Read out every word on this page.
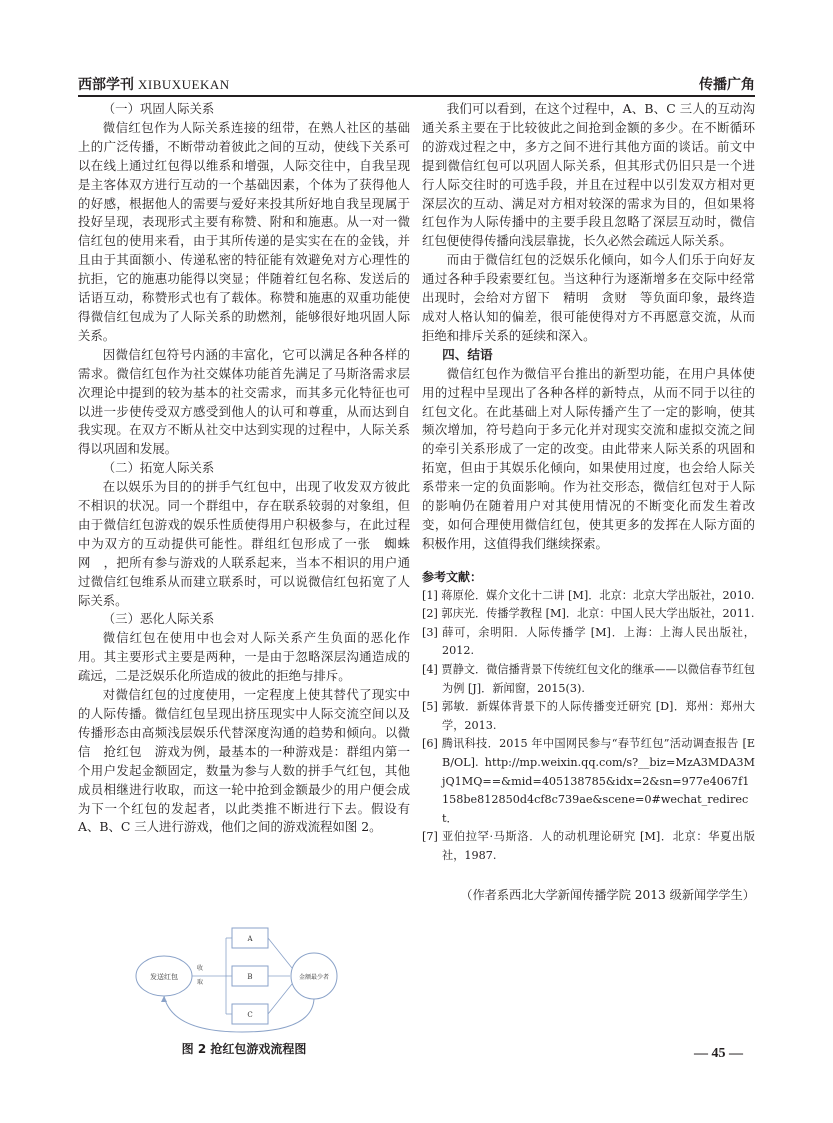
西部学刊 XIBUXUEKAN	传播广角
（一）巩固人际关系

微信红包作为人际关系连接的纽带，在熟人社区的基础上的广泛传播，不断带动着彼此之间的互动，使线下关系可以在线上通过红包得以维系和增强，人际交往中，自我呈现是主客体双方进行互动的一个基础因素，个体为了获得他人的好感，根据他人的需要与爱好来投其所好地自我呈现属于投好呈现，表现形式主要有称赞、附和和施惠。从一对一微信红包的使用来看，由于其所传递的是实实在在的金钱，并且由于其面额小、传递私密的特征能有效避免对方心理性的抗拒，它的施惠功能得以突显；伴随着红包名称、发送后的话语互动，称赞形式也有了载体。称赞和施惠的双重功能使得微信红包成为了人际关系的助燃剂，能够很好地巩固人际关系。

因微信红包符号内涵的丰富化，它可以满足各种各样的需求。微信红包作为社交媒体功能首先满足了马斯洛需求层次理论中提到的较为基本的社交需求，而其多元化特征也可以进一步使传受双方感受到他人的认可和尊重，从而达到自我实现。在双方不断从社交中达到实现的过程中，人际关系得以巩固和发展。

（二）拓宽人际关系

在以娱乐为目的的拼手气红包中，出现了收发双方彼此不相识的状况。同一个群组中，存在联系较弱的对象组，但由于微信红包游戏的娱乐性质使得用户积极参与，在此过程中为双方的互动提供可能性。群组红包形成了一张　蜘蛛网　，把所有参与游戏的人联系起来，当本不相识的用户通过微信红包维系从而建立联系时，可以说微信红包拓宽了人际关系。

（三）恶化人际关系

微信红包在使用中也会对人际关系产生负面的恶化作用。其主要形式主要是两种，一是由于忽略深层沟通造成的疏远，二是泛娱乐化所造成的彼此的拒绝与排斥。

对微信红包的过度使用，一定程度上使其替代了现实中的人际传播。微信红包呈现出挤压现实中人际交流空间以及传播形态由高频浅层娱乐代替深度沟通的趋势和倾向。以微信　抢红包　游戏为例，最基本的一种游戏是：群组内第一个用户发起金额固定，数量为参与人数的拼手气红包，其他成员相继进行收取，而这一轮中抢到金额最少的用户便会成为下一个红包的发起者，以此类推不断进行下去。假设有 A、B、C 三人进行游戏，他们之间的游戏流程如图 2。

发送红包
收
取
A
B
C
金额最少者
图 2 抢红包游戏流程图

我们可以看到，在这个过程中，A、B、C 三人的互动沟通关系主要在于比较彼此之间抢到金额的多少。在不断循环的游戏过程之中，多方之间不进行其他方面的谈话。前文中提到微信红包可以巩固人际关系，但其形式仍旧只是一个进行人际交往时的可选手段，并且在过程中以引发双方相对更深层次的互动、满足对方相对较深的需求为目的，但如果将红包作为人际传播中的主要手段且忽略了深层互动时，微信红包便使得传播向浅层靠拢，长久必然会疏远人际关系。

而由于微信红包的泛娱乐化倾向，如今人们乐于向好友通过各种手段索要红包。当这种行为逐渐增多在交际中经常出现时，会给对方留下　精明　贪财　等负面印象，最终造成对人格认知的偏差，很可能使得对方不再愿意交流，从而拒绝和排斥关系的延续和深入。

四、结语

微信红包作为微信平台推出的新型功能，在用户具体使用的过程中呈现出了各种各样的新特点，从而不同于以往的红包文化。在此基础上对人际传播产生了一定的影响，使其频次增加，符号趋向于多元化并对现实交流和虚拟交流之间的牵引关系形成了一定的改变。由此带来人际关系的巩固和拓宽，但由于其娱乐化倾向，如果使用过度，也会给人际关系带来一定的负面影响。作为社交形态，微信红包对于人际的影响仍在随着用户对其使用情况的不断变化而发生着改变，如何合理使用微信红包，使其更多的发挥在人际方面的积极作用，这值得我们继续探索。

参考文献：
[1] 蒋原伦．媒介文化十二讲 [M]．北京：北京大学出版社，2010.
[2] 郭庆光．传播学教程 [M]．北京：中国人民大学出版社，2011.
[3] 薛可，余明阳．人际传播学 [M]．上海：上海人民出版社，2012.
[4] 贾静文．微信播背景下传统红包文化的继承——以微信春节红包为例 [J]．新闻窗，2015(3).
[5] 郭敏．新媒体背景下的人际传播变迁研究 [D]．郑州：郑州大学，2013.
[6] 腾讯科技．2015 年中国网民参与“春节红包”活动调查报告 [EB/OL]. http://mp.weixin.qq.com/s?__biz=MzA3MDA3MjQ1MQ==&mid=405138785&idx=2&sn=977e4067f1158be812850d4cf8c739ae&scene=0#wechat_redirect．
[7] 亚伯拉罕·马斯洛．人的动机理论研究 [M]．北京：华夏出版社，1987.
（作者系西北大学新闻传播学院 2013 级新闻学学生）
— 45 —
